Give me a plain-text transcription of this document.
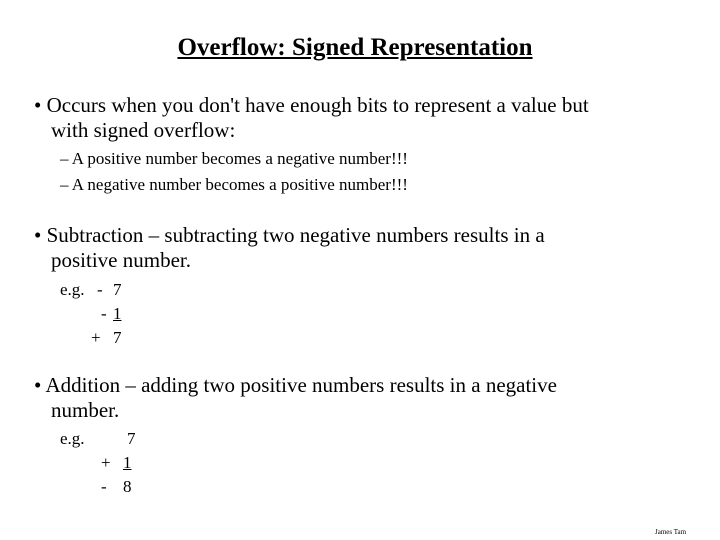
Overflow: Signed Representation
• Occurs when you don't have enough bits to represent a value but
with signed overflow:
– A positive number becomes a negative number!!!
– A negative number becomes a positive number!!!
• Subtraction – subtracting two negative numbers results in a
positive number.
e.g. - 7
- 1
+ 7
• Addition – adding two positive numbers results in a negative
number.
e.g. 7
+ 1
- 8
James Tam
